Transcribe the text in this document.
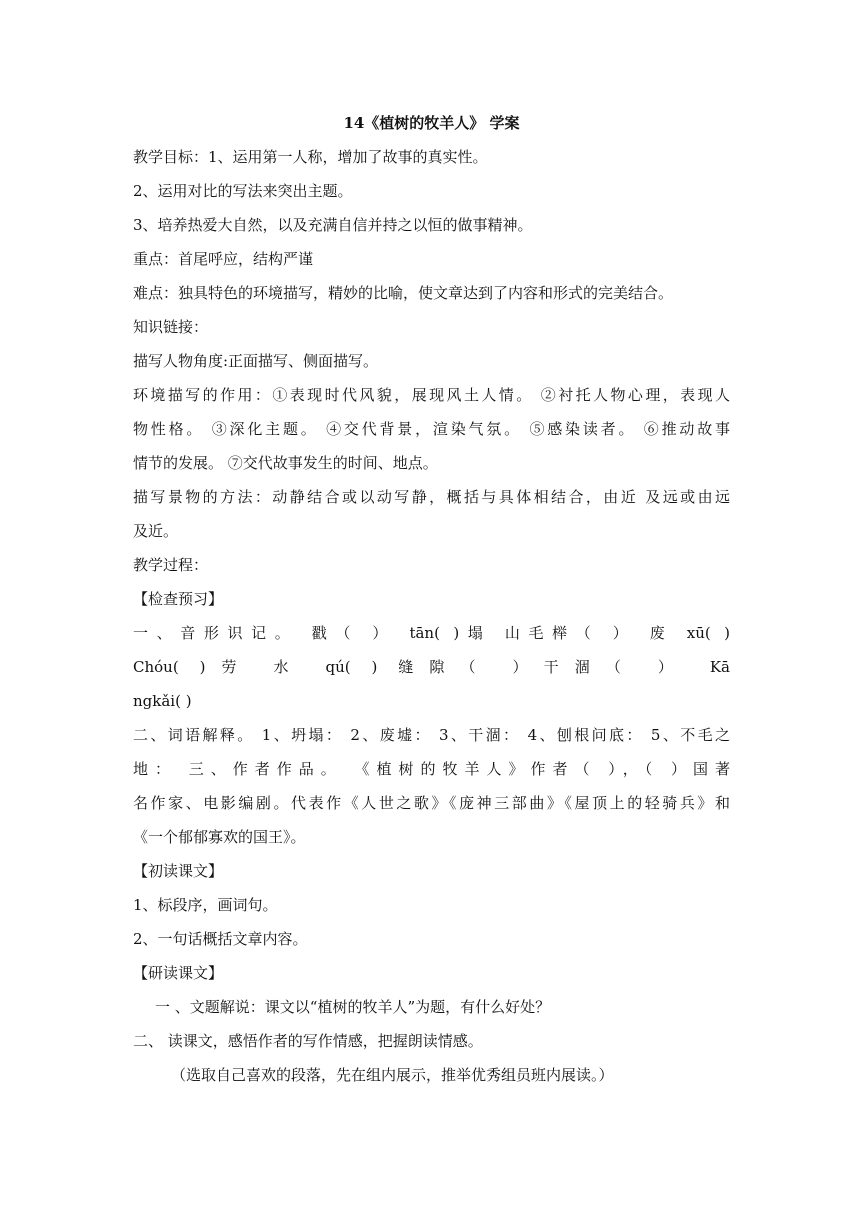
14《植树的牧羊人》 学案

教学目标：1、运用第一人称，增加了故事的真实性。

2、运用对比的写法来突出主题。

3、培养热爱大自然，以及充满自信并持之以恒的做事精神。

重点：首尾呼应，结构严谨

难点：独具特色的环境描写，精妙的比喻，使文章达到了内容和形式的完美结合。

知识链接：

描写人物角度:正面描写、侧面描写。

环境描写的作用：①表现时代风貌，展现风土人情。 ②衬托人物心理，表现人

物性格。 ③深化主题。 ④交代背景，渲染气氛。 ⑤感染读者。 ⑥推动故事

情节的发展。 ⑦交代故事发生的时间、地点。

描写景物的方法：动静结合或以动写静，概括与具体相结合，由近 及远或由远

及近。

教学过程：

【检查预习】

一、音形识记。 戳（ ） tān( )塌 山毛榉（ ） 废 xū( )

Chóu( )劳 水 qú( ) 缝隙（ ）干涸（ ） Kā

ngkǎi( )

二、词语解释。 1、坍塌： 2、废墟： 3、干涸： 4、刨根问底： 5、不毛之

地： 三、作者作品。 《植树的牧羊人》作者（ ），（ ）国著

名作家、电影编剧。代表作《人世之歌》《庞神三部曲》《屋顶上的轻骑兵》和

《一个郁郁寡欢的国王》。

【初读课文】

1、标段序，画词句。

2、一句话概括文章内容。

【研读课文】

一 、文题解说：课文以“植树的牧羊人”为题，有什么好处？

二、 读课文，感悟作者的写作情感，把握朗读情感。

（选取自己喜欢的段落，先在组内展示，推举优秀组员班内展读。）
